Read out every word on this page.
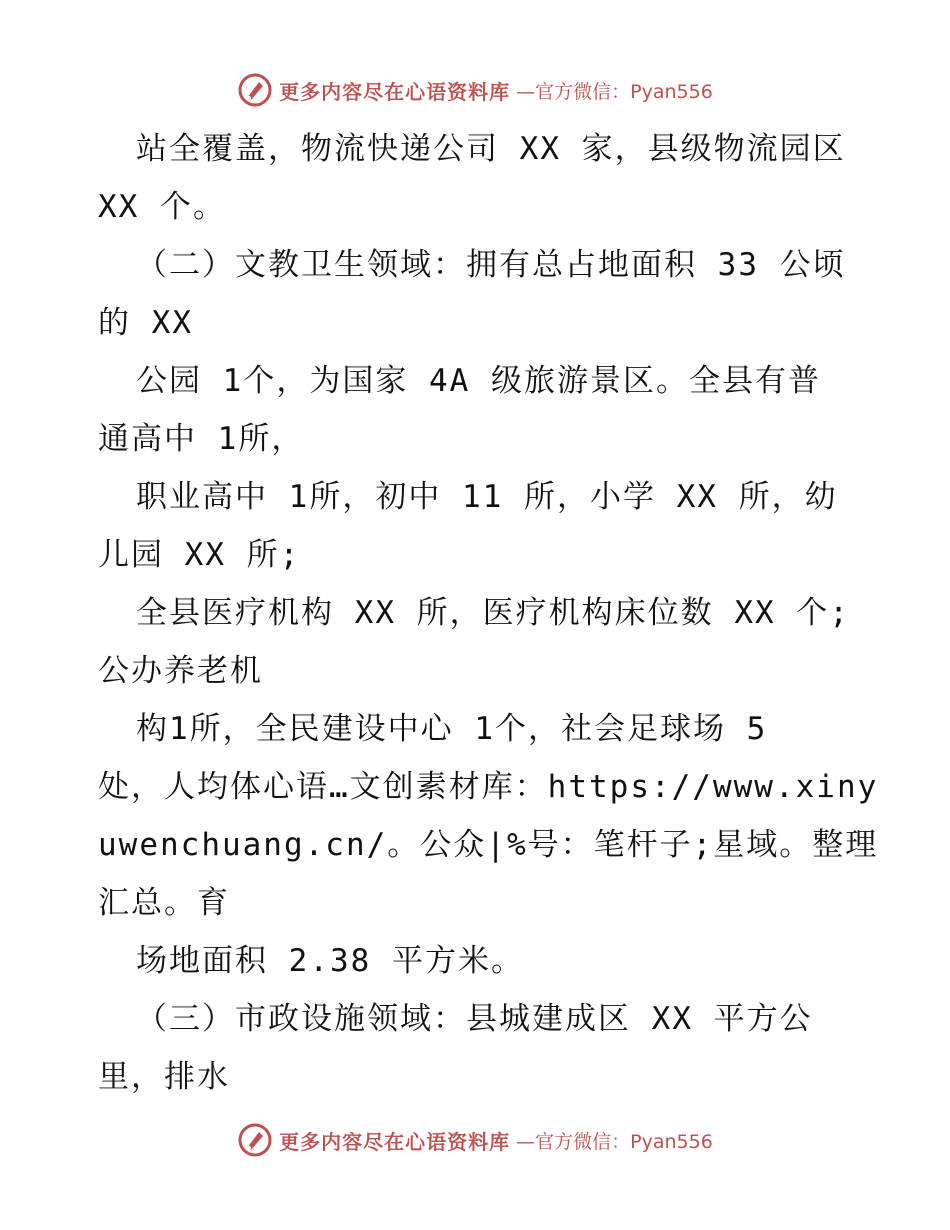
更多内容尽在心语资料库 —官方微信：Pyan556
站全覆盖，物流快递公司 XX 家，县级物流园区
XX 个。
（二）文教卫生领域：拥有总占地面积 33 公顷
的 XX
公园 1个，为国家 4A 级旅游景区。全县有普
通高中 1所，
职业高中 1所，初中 11 所，小学 XX 所，幼
儿园 XX 所;
全县医疗机构 XX 所，医疗机构床位数 XX 个;
公办养老机
构1所，全民建设中心 1个，社会足球场 5
处，人均体心语…文创素材库：https://www.xiny
uwenchuang.cn/。公众|%号：笔杆子;星域。整理
汇总。育
场地面积 2.38 平方米。
（三）市政设施领域：县城建成区 XX 平方公
里，排水
更多内容尽在心语资料库 —官方微信：Pyan556
